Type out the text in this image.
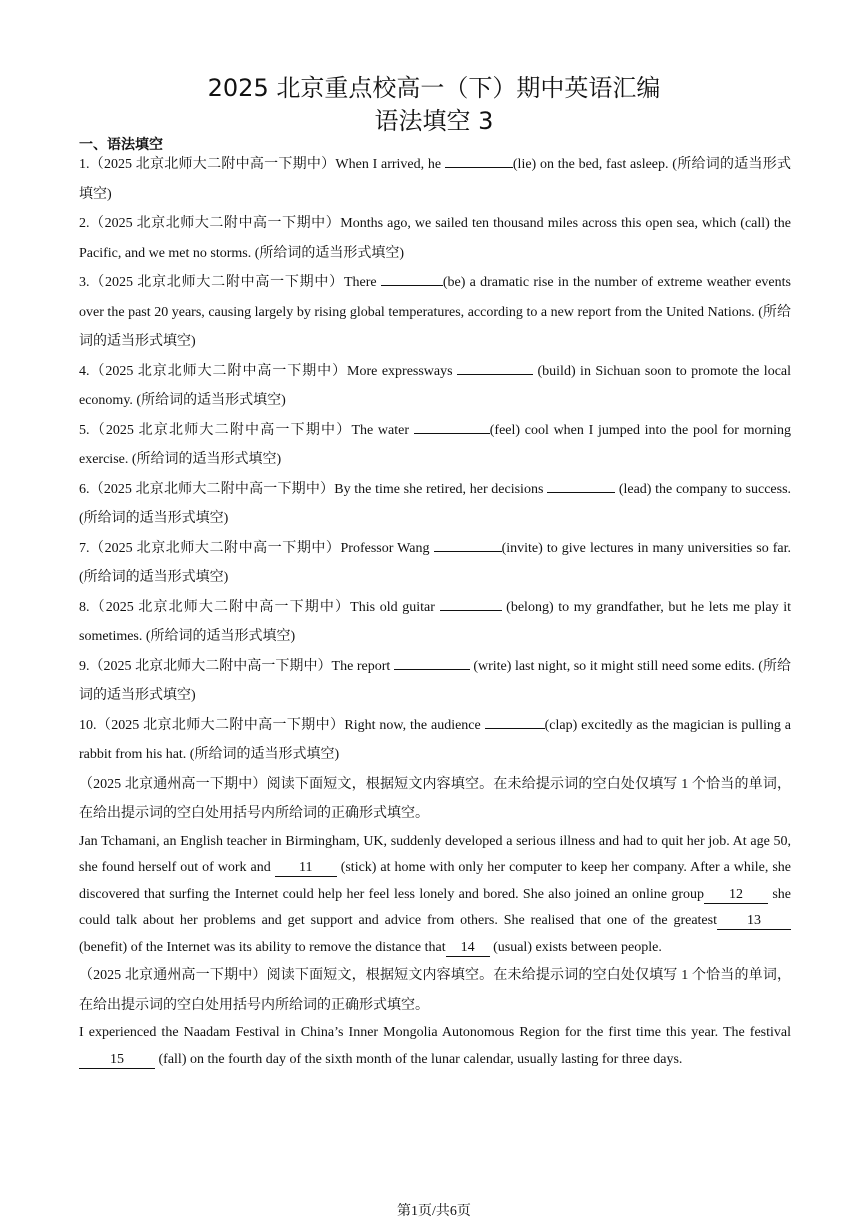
2025 北京重点校高一（下）期中英语汇编
语法填空 3
一、语法填空

1.（2025 北京北师大二附中高一下期中）When I arrived, he	(lie) on the bed, fast asleep. (所给词的适当形式填空)

2.（2025 北京北师大二附中高一下期中）Months ago, we sailed ten thousand miles across this open sea, which (call) the Pacific, and we met no storms. (所给词的适当形式填空)

3.（2025 北京北师大二附中高一下期中）There	(be) a dramatic rise in the number of extreme weather events over the past 20 years, causing largely by rising global temperatures, according to a new report from the United Nations. (所给词的适当形式填空)

4.（2025 北京北师大二附中高一下期中）More expressways	(build) in Sichuan soon to promote the local economy. (所给词的适当形式填空)

5.（2025 北京北师大二附中高一下期中）The water	(feel) cool when I jumped into the pool for morning exercise. (所给词的适当形式填空)

6.（2025 北京北师大二附中高一下期中）By the time she retired, her decisions	(lead) the company to success. (所给词的适当形式填空)

7.（2025 北京北师大二附中高一下期中）Professor Wang	(invite) to give lectures in many universities so far. (所给词的适当形式填空)

8.（2025 北京北师大二附中高一下期中）This old guitar	(belong) to my grandfather, but he lets me play it sometimes. (所给词的适当形式填空)

9.（2025 北京北师大二附中高一下期中）The report	(write) last night, so it might still need some edits. (所给词的适当形式填空)

10.（2025 北京北师大二附中高一下期中）Right now, the audience	(clap) excitedly as the magician is pulling a rabbit from his hat. (所给词的适当形式填空)

（2025 北京通州高一下期中）阅读下面短文，根据短文内容填空。在未给提示词的空白处仅填写 1 个恰当的单词，在给出提示词的空白处用括号内所给词的正确形式填空。

Jan Tchamani, an English teacher in Birmingham, UK, suddenly developed a serious illness and had to quit her job. At age 50, she found herself out of work and 11 (stick) at home with only her computer to keep her company. After a while, she discovered that surfing the Internet could help her feel less lonely and bored. She also joined an online group 12 she could talk about her problems and get support and advice from others. She realised that one of the greatest 13 (benefit) of the Internet was its ability to remove the distance that 14 (usual) exists between people.

（2025 北京通州高一下期中）阅读下面短文，根据短文内容填空。在未给提示词的空白处仅填写 1 个恰当的单词，在给出提示词的空白处用括号内所给词的正确形式填空。

I experienced the Naadam Festival in China’s Inner Mongolia Autonomous Region for the first time this year. The festival15 (fall) on the fourth day of the sixth month of the lunar calendar, usually lasting for three days.

第1页/共6页
